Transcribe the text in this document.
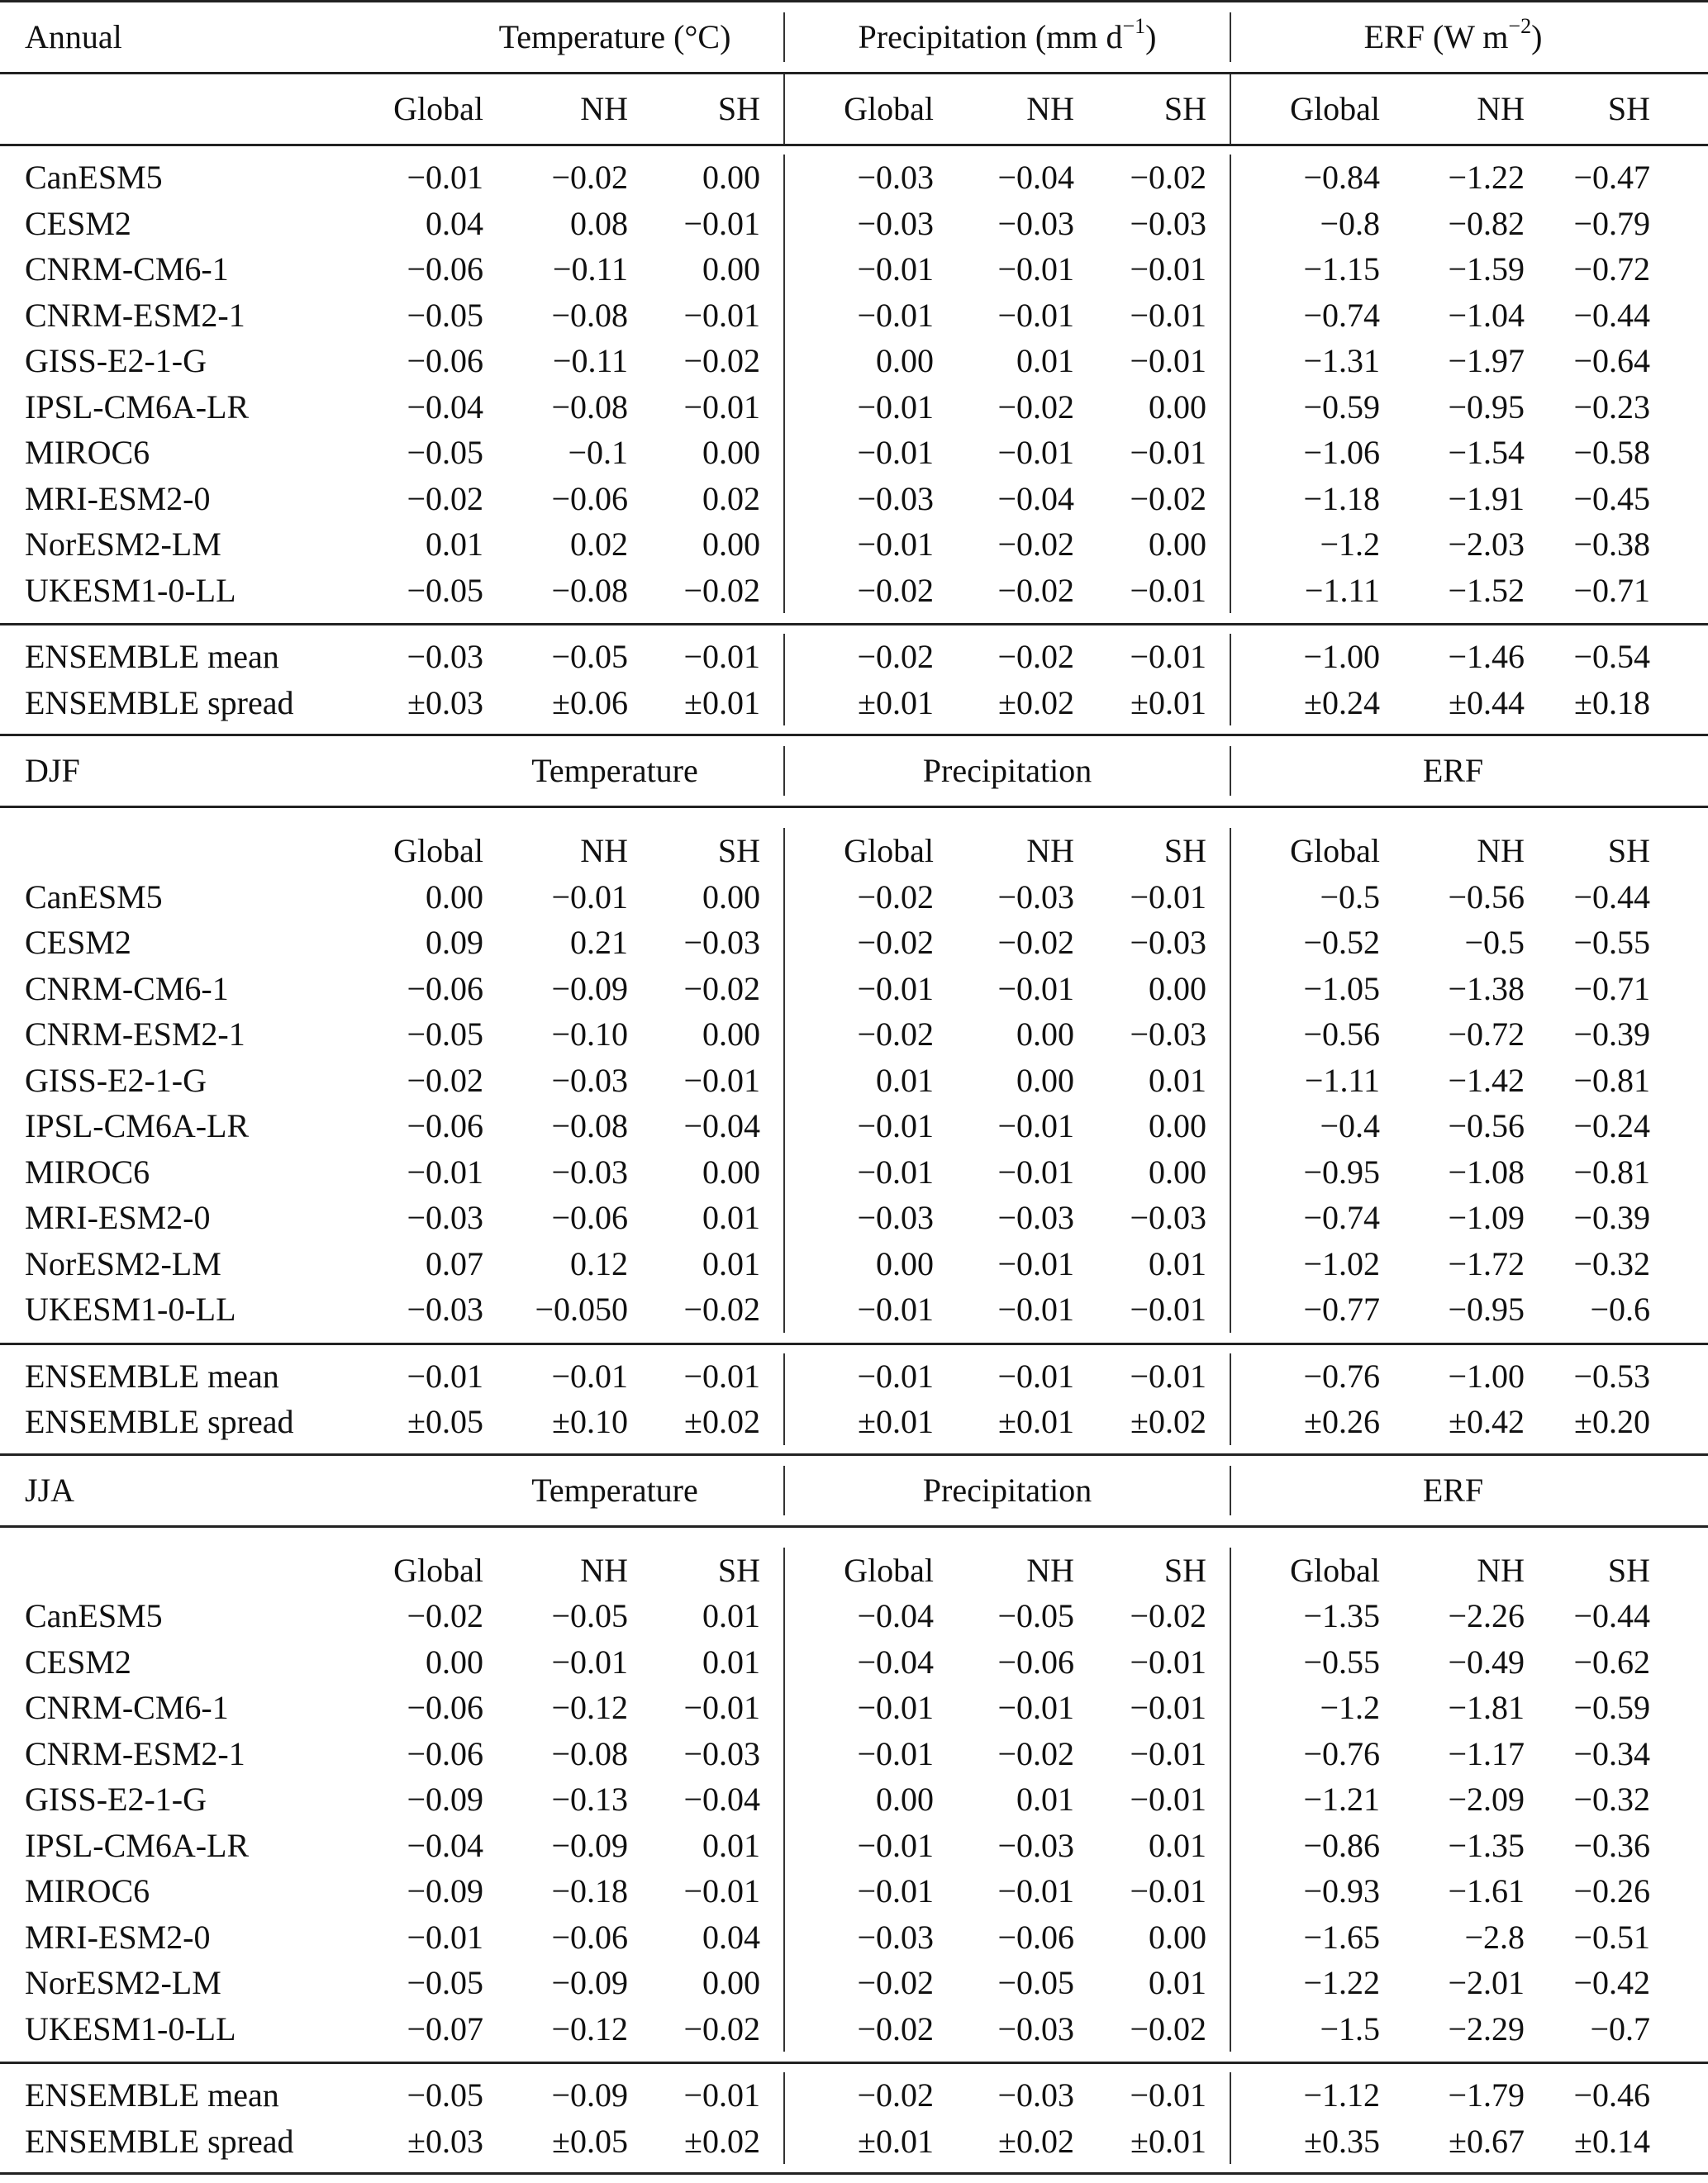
Annual	Temperature (°C)	Precipitation (mm $d^{-1}$)	ERF (W $m^{-2}$)
Global	NH	SH	Global	NH	SH	Global	NH	SH
CanESM5	−0.01	−0.02	0.00	−0.03	−0.04	−0.02	−0.84	−1.22	−0.47
CESM2	0.04	0.08	−0.01	−0.03	−0.03	−0.03	−0.8	−0.82	−0.79
CNRM-CM6-1	−0.06	−0.11	0.00	−0.01	−0.01	−0.01	−1.15	−1.59	−0.72
CNRM-ESM2-1	−0.05	−0.08	−0.01	−0.01	−0.01	−0.01	−0.74	−1.04	−0.44
GISS-E2-1-G	−0.06	−0.11	−0.02	0.00	0.01	−0.01	−1.31	−1.97	−0.64
IPSL-CM6A-LR	−0.04	−0.08	−0.01	−0.01	−0.02	0.00	−0.59	−0.95	−0.23
MIROC6	−0.05	−0.1	0.00	−0.01	−0.01	−0.01	−1.06	−1.54	−0.58
MRI-ESM2-0	−0.02	−0.06	0.02	−0.03	−0.04	−0.02	−1.18	−1.91	−0.45
NorESM2-LM	0.01	0.02	0.00	−0.01	−0.02	0.00	−1.2	−2.03	−0.38
UKESM1-0-LL	−0.05	−0.08	−0.02	−0.02	−0.02	−0.01	−1.11	−1.52	−0.71
ENSEMBLE mean	−0.03	−0.05	−0.01	−0.02	−0.02	−0.01	−1.00	−1.46	−0.54
ENSEMBLE spread	±0.03	±0.06	±0.01	±0.01	±0.02	±0.01	±0.24	±0.44	±0.18
DJF	Temperature	Precipitation	ERF
Global	NH	SH	Global	NH	SH	Global	NH	SH
CanESM5	0.00	−0.01	0.00	−0.02	−0.03	−0.01	−0.5	−0.56	−0.44
CESM2	0.09	0.21	−0.03	−0.02	−0.02	−0.03	−0.52	−0.5	−0.55
CNRM-CM6-1	−0.06	−0.09	−0.02	−0.01	−0.01	0.00	−1.05	−1.38	−0.71
CNRM-ESM2-1	−0.05	−0.10	0.00	−0.02	0.00	−0.03	−0.56	−0.72	−0.39
GISS-E2-1-G	−0.02	−0.03	−0.01	0.01	0.00	0.01	−1.11	−1.42	−0.81
IPSL-CM6A-LR	−0.06	−0.08	−0.04	−0.01	−0.01	0.00	−0.4	−0.56	−0.24
MIROC6	−0.01	−0.03	0.00	−0.01	−0.01	0.00	−0.95	−1.08	−0.81
MRI-ESM2-0	−0.03	−0.06	0.01	−0.03	−0.03	−0.03	−0.74	−1.09	−0.39
NorESM2-LM	0.07	0.12	0.01	0.00	−0.01	0.01	−1.02	−1.72	−0.32
UKESM1-0-LL	−0.03	−0.050	−0.02	−0.01	−0.01	−0.01	−0.77	−0.95	−0.6
ENSEMBLE mean	−0.01	−0.01	−0.01	−0.01	−0.01	−0.01	−0.76	−1.00	−0.53
ENSEMBLE spread	±0.05	±0.10	±0.02	±0.01	±0.01	±0.02	±0.26	±0.42	±0.20
JJA	Temperature	Precipitation	ERF
Global	NH	SH	Global	NH	SH	Global	NH	SH
CanESM5	−0.02	−0.05	0.01	−0.04	−0.05	−0.02	−1.35	−2.26	−0.44
CESM2	0.00	−0.01	0.01	−0.04	−0.06	−0.01	−0.55	−0.49	−0.62
CNRM-CM6-1	−0.06	−0.12	−0.01	−0.01	−0.01	−0.01	−1.2	−1.81	−0.59
CNRM-ESM2-1	−0.06	−0.08	−0.03	−0.01	−0.02	−0.01	−0.76	−1.17	−0.34
GISS-E2-1-G	−0.09	−0.13	−0.04	0.00	0.01	−0.01	−1.21	−2.09	−0.32
IPSL-CM6A-LR	−0.04	−0.09	0.01	−0.01	−0.03	0.01	−0.86	−1.35	−0.36
MIROC6	−0.09	−0.18	−0.01	−0.01	−0.01	−0.01	−0.93	−1.61	−0.26
MRI-ESM2-0	−0.01	−0.06	0.04	−0.03	−0.06	0.00	−1.65	−2.8	−0.51
NorESM2-LM	−0.05	−0.09	0.00	−0.02	−0.05	0.01	−1.22	−2.01	−0.42
UKESM1-0-LL	−0.07	−0.12	−0.02	−0.02	−0.03	−0.02	−1.5	−2.29	−0.7
ENSEMBLE mean	−0.05	−0.09	−0.01	−0.02	−0.03	−0.01	−1.12	−1.79	−0.46
ENSEMBLE spread	±0.03	±0.05	±0.02	±0.01	±0.02	±0.01	±0.35	±0.67	±0.14
